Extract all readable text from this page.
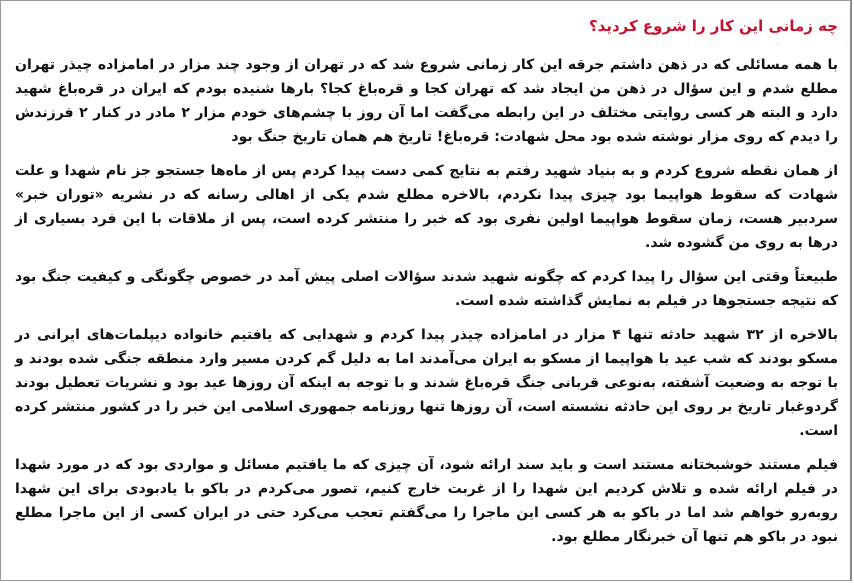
چه زمانی این کار را شروع کردید؟

با همه مسائلی که در ذهن داشتم جرقه این کار زمانی شروع شد که در تهران از وجود چند مزار در امامزاده چیذر تهران مطلع شدم و این سؤال در ذهن من ایجاد شد که تهران کجا و قره‌باغ کجا؟ بارها شنیده بودم که ایران در قره‌باغ شهید دارد و البته هر کسی روایتی مختلف در این رابطه می‌گفت اما آن روز با چشم‌های خودم مزار ۲ مادر در کنار ۲ فرزندش را دیدم که روی مزار نوشته شده بود محل شهادت: قره‌باغ! تاریخ هم همان تاریخ جنگ بود

از همان نقطه شروع کردم و به بنیاد شهید رفتم به نتایج کمی دست پیدا کردم پس از ماه‌ها جستجو جز نام شهدا و علت شهادت که سقوط هواپیما بود چیزی پیدا نکردم، بالاخره مطلع شدم یکی از اهالی رسانه که در نشریه «توران خبر» سردبیر هست، زمان سقوط هواپیما اولین نفری بود که خبر را منتشر کرده است، پس از ملاقات با این فرد بسیاری از درها به روی من گشوده شد.

طبیعتاً وقتی این سؤال را پیدا کردم که چگونه شهید شدند سؤالات اصلی پیش آمد در خصوص چگونگی و کیفیت جنگ بود که نتیجه جستجوها در فیلم به نمایش گذاشته شده است.

بالاخره از ۳۲ شهید حادثه تنها ۴ مزار در امامزاده چیذر پیدا کردم و شهدایی که یافتیم خانواده دیپلمات‌های ایرانی در مسکو بودند که شب عید با هواپیما از مسکو به ایران می‌آمدند اما به دلیل گم کردن مسیر وارد منطقه جنگی شده بودند و با توجه به وضعیت آشفته، به‌نوعی قربانی جنگ قره‌باغ شدند و با توجه به اینکه آن روزها عید بود و نشریات تعطیل بودند گردوغبار تاریخ بر روی این حادثه نشسته است، آن روزها تنها روزنامه جمهوری اسلامی این خبر را در کشور منتشر کرده است.

فیلم مستند خوشبختانه مستند است و باید سند ارائه شود، آن چیزی که ما یافتیم مسائل و مواردی بود که در مورد شهدا در فیلم ارائه شده و تلاش کردیم این شهدا را از غربت خارج کنیم، تصور می‌کردم در باکو با یادبودی برای این شهدا روبه‌رو خواهم شد اما در باکو به هر کسی این ماجرا را می‌گفتم تعجب می‌کرد حتی در ایران کسی از این ماجرا مطلع نبود در باکو هم تنها آن خبرنگار مطلع بود.
